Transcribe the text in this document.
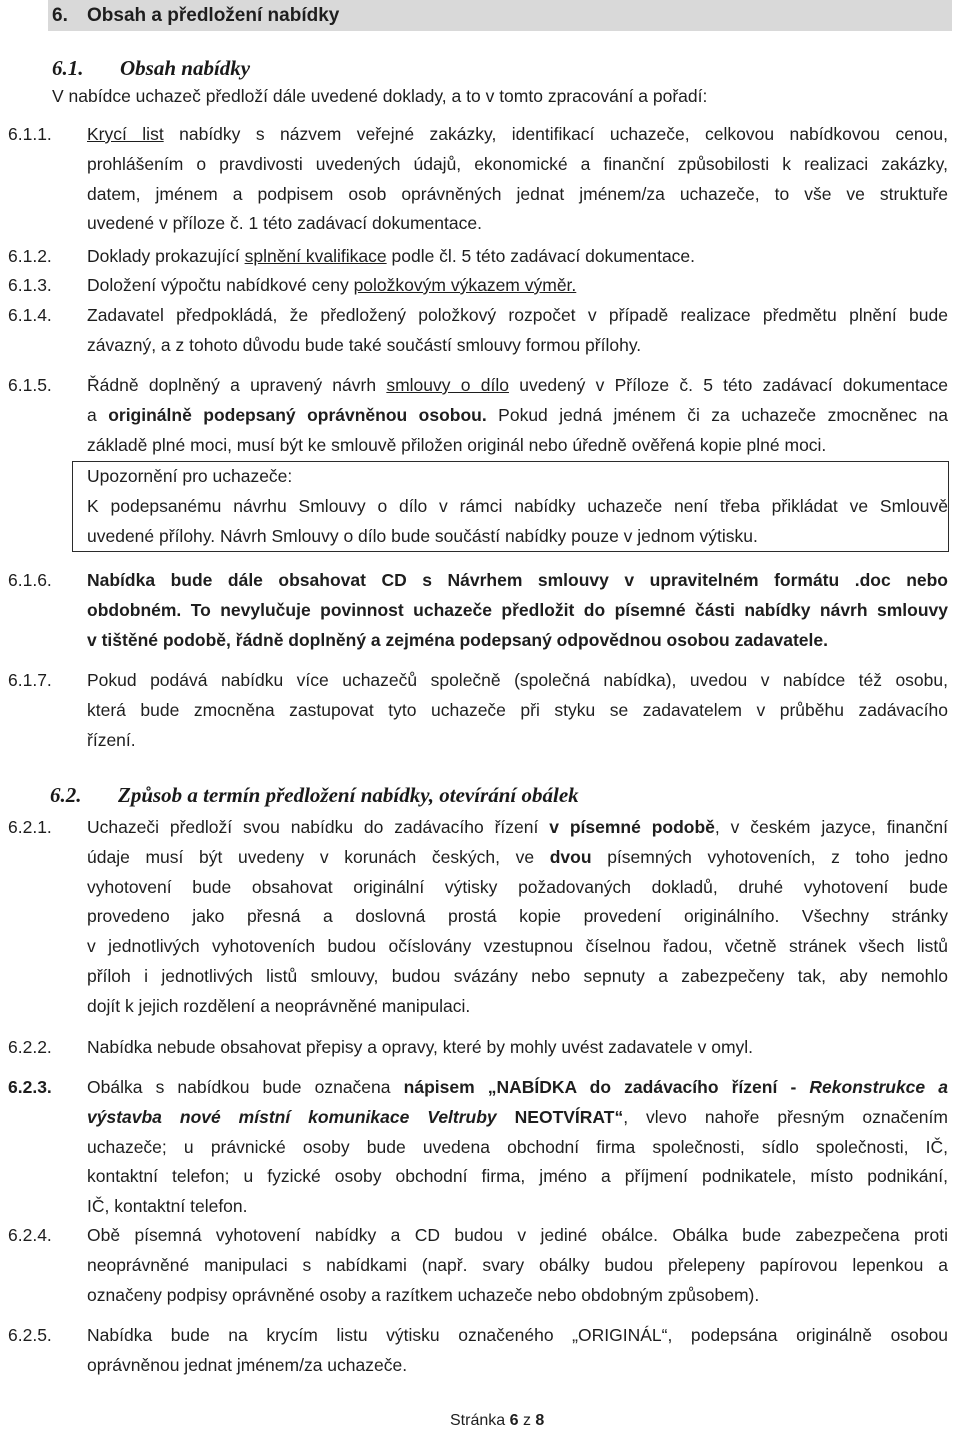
6. Obsah a předložení nabídky
6.1. Obsah nabídky
V nabídce uchazeč předloží dále uvedené doklady, a to v tomto zpracování a pořadí:
6.1.1. Krycí list nabídky s názvem veřejné zakázky, identifikací uchazeče, celkovou nabídkovou cenou,
prohlášením o pravdivosti uvedených údajů, ekonomické a finanční způsobilosti k realizaci zakázky,
datem, jménem a podpisem osob oprávněných jednat jménem/za uchazeče, to vše ve struktuře
uvedené v příloze č. 1 této zadávací dokumentace.
6.1.2. Doklady prokazující splnění kvalifikace podle čl. 5 této zadávací dokumentace.
6.1.3. Doložení výpočtu nabídkové ceny položkovým výkazem výměr.
6.1.4. Zadavatel předpokládá, že předložený položkový rozpočet v případě realizace předmětu plnění bude
závazný, a z tohoto důvodu bude také součástí smlouvy formou přílohy.
6.1.5. Řádně doplněný a upravený návrh smlouvy o dílo uvedený v Příloze č. 5 této zadávací dokumentace
a originálně podepsaný oprávněnou osobou. Pokud jedná jménem či za uchazeče zmocněnec na
základě plné moci, musí být ke smlouvě přiložen originál nebo úředně ověřená kopie plné moci.
Upozornění pro uchazeče:
K podepsanému návrhu Smlouvy o dílo v rámci nabídky uchazeče není třeba přikládat ve Smlouvě
uvedené přílohy. Návrh Smlouvy o dílo bude součástí nabídky pouze v jednom výtisku.
6.1.6. Nabídka bude dále obsahovat CD s Návrhem smlouvy v upravitelném formátu .doc nebo
obdobném. To nevylučuje povinnost uchazeče předložit do písemné části nabídky návrh smlouvy
v tištěné podobě, řádně doplněný a zejména podepsaný odpovědnou osobou zadavatele.
6.1.7. Pokud podává nabídku více uchazečů společně (společná nabídka), uvedou v nabídce též osobu,
která bude zmocněna zastupovat tyto uchazeče při styku se zadavatelem v průběhu zadávacího
řízení.
6.2. Způsob a termín předložení nabídky, otevírání obálek
6.2.1. Uchazeči předloží svou nabídku do zadávacího řízení v písemné podobě, v českém jazyce, finanční
údaje musí být uvedeny v korunách českých, ve dvou písemných vyhotoveních, z toho jedno
vyhotovení bude obsahovat originální výtisky požadovaných dokladů, druhé vyhotovení bude
provedeno jako přesná a doslovná prostá kopie provedení originálního. Všechny stránky
v jednotlivých vyhotoveních budou očíslovány vzestupnou číselnou řadou, včetně stránek všech listů
příloh i jednotlivých listů smlouvy, budou svázány nebo sepnuty a zabezpečeny tak, aby nemohlo
dojít k jejich rozdělení a neoprávněné manipulaci.
6.2.2. Nabídka nebude obsahovat přepisy a opravy, které by mohly uvést zadavatele v omyl.
6.2.3. Obálka s nabídkou bude označena nápisem „NABÍDKA do zadávacího řízení - Rekonstrukce a
výstavba nové místní komunikace Veltruby NEOTVÍRAT“, vlevo nahoře přesným označením
uchazeče; u právnické osoby bude uvedena obchodní firma společnosti, sídlo společnosti, IČ,
kontaktní telefon; u fyzické osoby obchodní firma, jméno a příjmení podnikatele, místo podnikání,
IČ, kontaktní telefon.
6.2.4. Obě písemná vyhotovení nabídky a CD budou v jediné obálce. Obálka bude zabezpečena proti
neoprávněné manipulaci s nabídkami (např. svary obálky budou přelepeny papírovou lepenkou a
označeny podpisy oprávněné osoby a razítkem uchazeče nebo obdobným způsobem).
6.2.5. Nabídka bude na krycím listu výtisku označeného „ORIGINÁL“, podepsána originálně osobou
oprávněnou jednat jménem/za uchazeče.
Stránka 6 z 8
